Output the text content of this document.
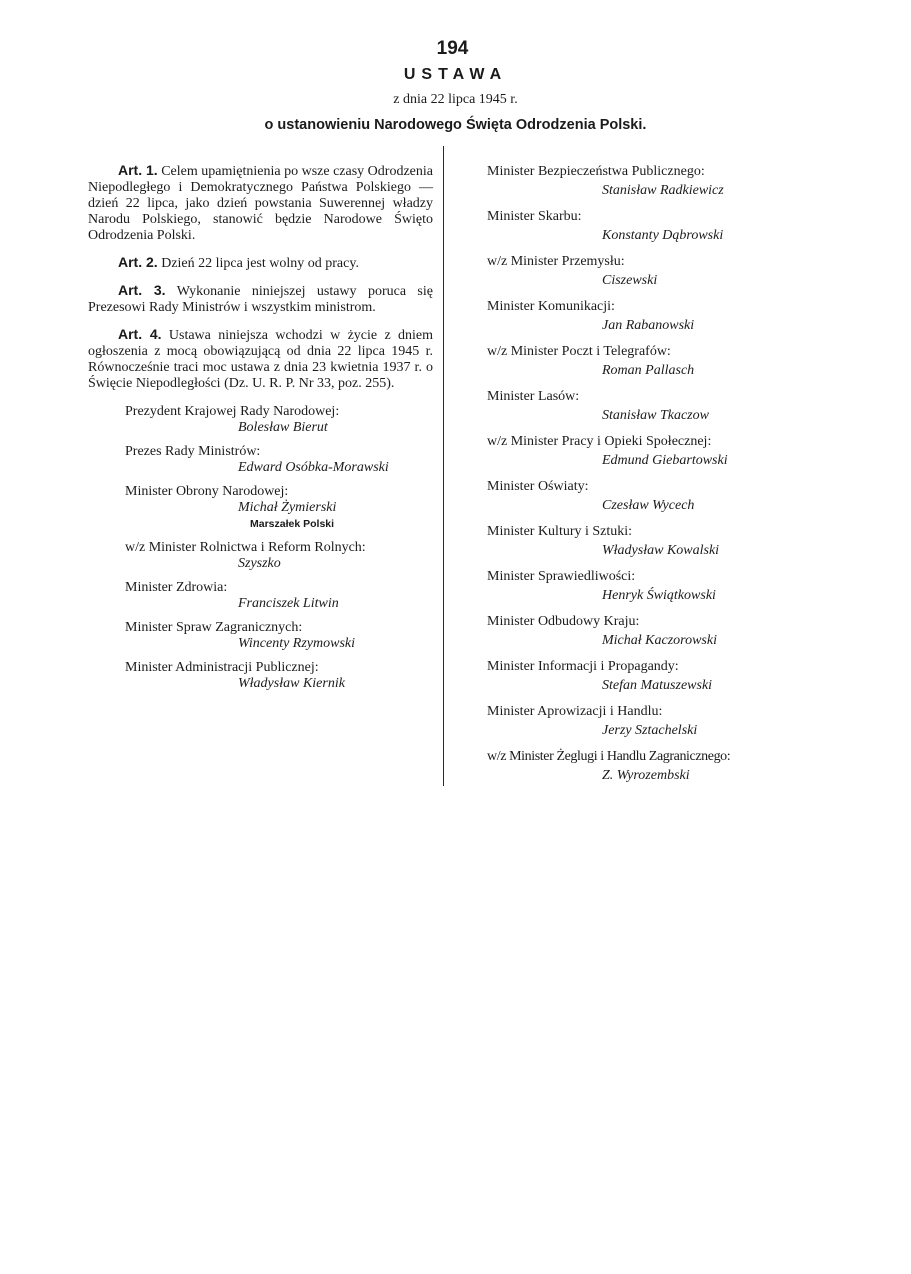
194
USTAWA
z dnia 22 lipca 1945 r.
o ustanowieniu Narodowego Święta Odrodzenia Polski.

Art. 1. Celem upamiętnienia po wsze czasy Odrodzenia Niepodległego i Demokratycznego Państwa Polskiego — dzień 22 lipca, jako dzień powstania Suwerennej władzy Narodu Polskiego, stanowić będzie Narodowe Święto Odrodzenia Polski.

Art. 2. Dzień 22 lipca jest wolny od pracy.

Art. 3. Wykonanie niniejszej ustawy poruca się Prezesowi Rady Ministrów i wszystkim ministrom.

Art. 4. Ustawa niniejsza wchodzi w życie z dniem ogłoszenia z mocą obowiązującą od dnia 22 lipca 1945 r. Równocześnie traci moc ustawa z dnia 23 kwietnia 1937 r. o Święcie Niepodległości (Dz. U. R. P. Nr 33, poz. 255).

Prezydent Krajowej Rady Narodowej:
Bolesław Bierut
Prezes Rady Ministrów:
Edward Osóbka-Morawski
Minister Obrony Narodowej:
Michał Żymierski
Marszałek Polski
w/z Minister Rolnictwa i Reform Rolnych:
Szyszko
Minister Zdrowia:
Franciszek Litwin
Minister Spraw Zagranicznych:
Wincenty Rzymowski
Minister Administracji Publicznej:
Władysław Kiernik
Minister Bezpieczeństwa Publicznego:
Stanisław Radkiewicz
Minister Skarbu:
Konstanty Dąbrowski
w/z Minister Przemysłu:
Ciszewski
Minister Komunikacji:
Jan Rabanowski
w/z Minister Poczt i Telegrafów:
Roman Pallasch
Minister Lasów:
Stanisław Tkaczow
w/z Minister Pracy i Opieki Społecznej:
Edmund Giebartowski
Minister Oświaty:
Czesław Wycech
Minister Kultury i Sztuki:
Władysław Kowalski
Minister Sprawiedliwości:
Henryk Świątkowski
Minister Odbudowy Kraju:
Michał Kaczorowski
Minister Informacji i Propagandy:
Stefan Matuszewski
Minister Aprowizacji i Handlu:
Jerzy Sztachelski
w/z Minister Żeglugi i Handlu Zagranicznego:
Z. Wyrozembski
